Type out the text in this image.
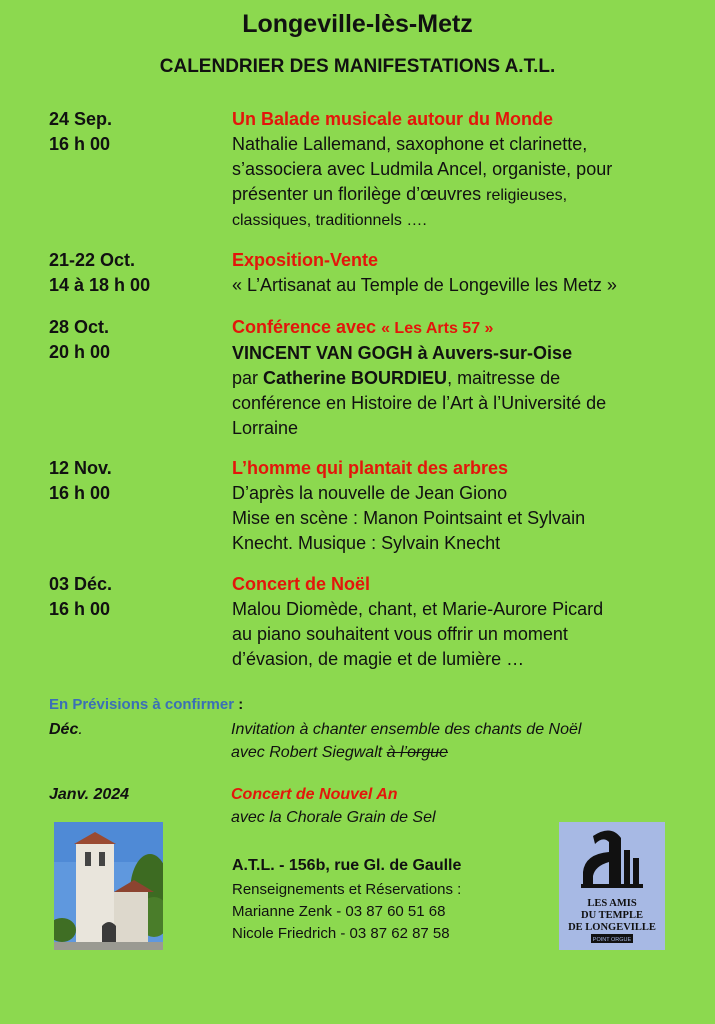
Longeville-lès-Metz
CALENDRIER DES MANIFESTATIONS A.T.L.
24 Sep.
16 h 00
Un Balade musicale autour du Monde
Nathalie Lallemand, saxophone et clarinette,
s’associera avec Ludmila Ancel, organiste, pour
présenter un florilège d’œuvres religieuses,
classiques, traditionnels ….
21-22 Oct.
14 à 18 h 00
Exposition-Vente
« L’Artisanat au Temple de Longeville les Metz »
28 Oct.
20 h 00
Conférence avec « Les Arts 57 »
VINCENT VAN GOGH à Auvers-sur-Oise
par Catherine BOURDIEU, maitresse de
conférence en Histoire de l’Art à l’Université de
Lorraine
12 Nov.
16 h 00
L’homme qui plantait des arbres
D’après la nouvelle de Jean Giono
Mise en scène : Manon Pointsaint et Sylvain
Knecht. Musique : Sylvain Knecht
03 Déc.
16 h 00
Concert de Noël
Malou Diomède, chant, et Marie-Aurore Picard
au piano souhaitent vous offrir un moment
d’évasion, de magie et de lumière …
En Prévisions à confirmer :
Déc.	Invitation à chanter ensemble des chants de Noël
avec Robert Siegwalt à l’orgue
Janv. 2024	Concert de Nouvel An
avec la Chorale Grain de Sel
A.T.L. - 156b, rue Gl. de Gaulle
Renseignements et Réservations :
Marianne Zenk - 03 87 60 51 68
Nicole Friedrich - 03 87 62 87 58
LES AMIS
DU TEMPLE
DE LONGEVILLE
POINT ORGUE
